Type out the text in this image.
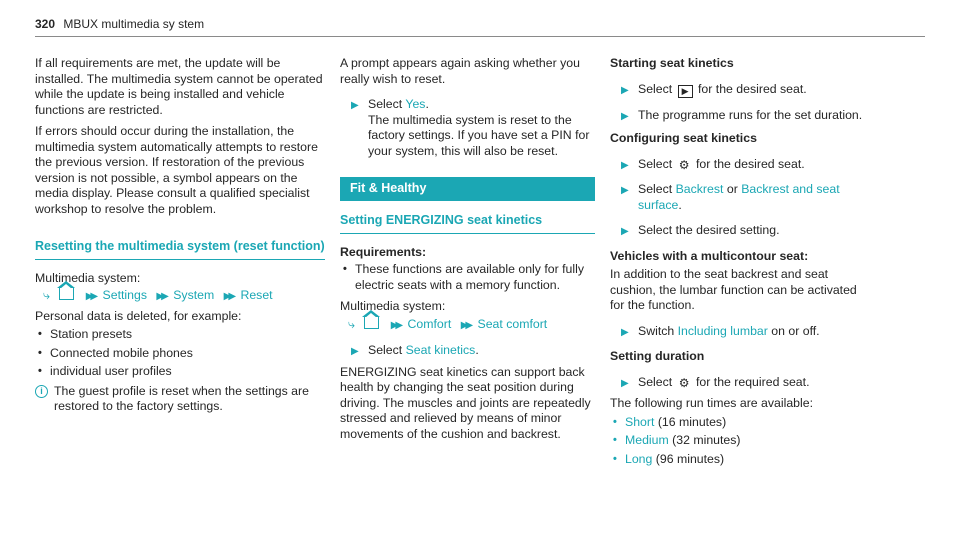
320 MBUX multimedia sy stem

If all requirements are met, the update will be installed. The multimedia system cannot be operated while the update is being installed and vehicle functions are restricted.

If errors should occur during the installation, the multimedia system automatically attempts to restore the previous version. If restoration of the previous version is not possible, a symbol appears on the media display. Please consult a qualified specialist workshop to resolve the problem.

Resetting the multimedia system (reset function)

Multimedia system:

⤷	▶▶ Settings ▶▶ System ▶▶ Reset

Personal data is deleted, for example:

• Station presets
• Connected mobile phones
• individual user profiles
i The guest profile is reset when the settings are restored to the factory settings.

A prompt appears again asking whether you really wish to reset.

▶ Select Yes.
The multimedia system is reset to the factory settings. If you have set a PIN for your system, this will also be reset.
Fit & Healthy
Setting ENERGIZING seat kinetics

Requirements:

• These functions are available only for fully electric seats with a memory function.

Multimedia system:

⤷	▶▶ Comfort ▶▶ Seat comfort
▶ Select Seat kinetics.

ENERGIZING seat kinetics can support back health by changing the seat position during driving. The muscles and joints are repeatedly stressed and relieved by means of minor movements of the cushion and backrest.

Starting seat kinetics

▶ Select ▶ for the desired seat.
▶ The programme runs for the set duration.

Configuring seat kinetics

▶ Select ⚙ for the desired seat.
▶ Select Backrest or Backrest and seat surface.
▶ Select the desired setting.

Vehicles with a multicontour seat:

In addition to the seat backrest and seat cushion, the lumbar function can be activated for the function.

▶ Switch Including lumbar on or off.

Setting duration

▶ Select ⚙ for the required seat.

The following run times are available:

• Short (16 minutes)
• Medium (32 minutes)
• Long (96 minutes)
